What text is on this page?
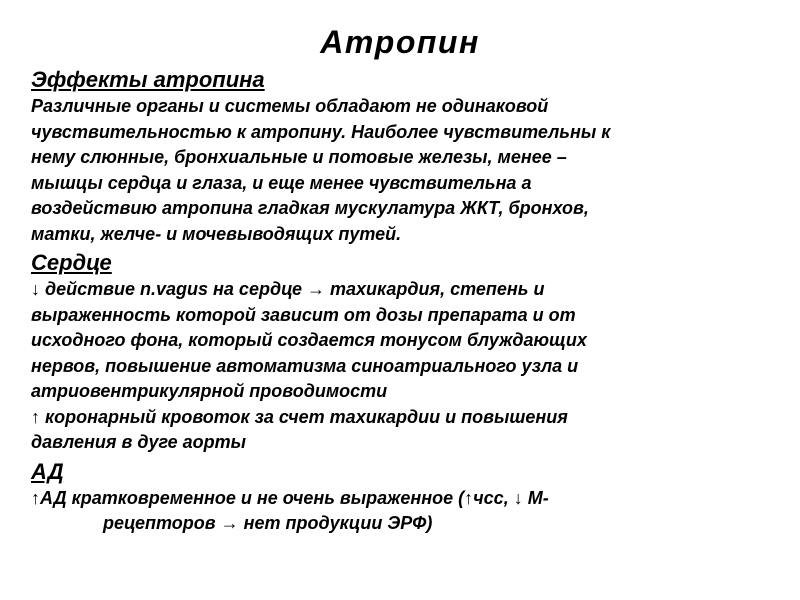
Атропин
Эффекты атропина
Различные органы и системы обладают не одинаковой
чувствительностью к атропину. Наиболее чувствительны к
нему слюнные, бронхиальные и потовые железы, менее –
мышцы сердца и глаза, и еще менее чувствительна а
воздействию атропина гладкая мускулатура ЖКТ, бронхов,
матки, желче- и мочевыводящих путей.
Сердце
↓ действие n.vagus на сердце → тахикардия, степень и
выраженность которой зависит от дозы препарата и от
исходного фона, который создается тонусом блуждающих
нервов, повышение автоматизма синоатриального узла и
атриовентрикулярной проводимости
↑ коронарный кровоток за счет тахикардии и повышения
давления в дуге аорты
АД
↑АД кратковременное и не очень выраженное (↑чсс, ↓ М-
рецепторов → нет продукции ЭРФ)
